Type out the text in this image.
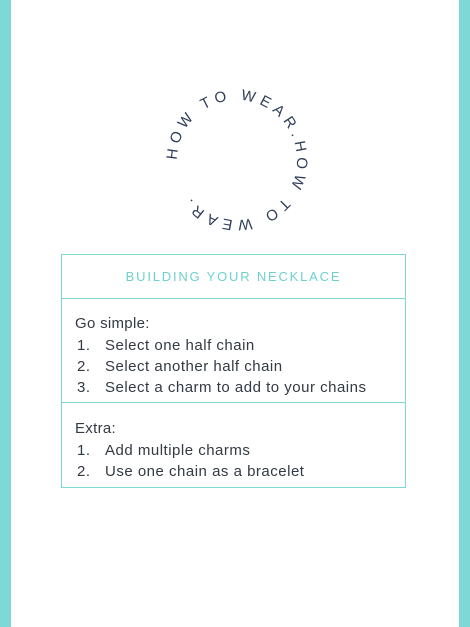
HOW TO WEAR.HOW TO WEAR.
BUILDING YOUR NECKLACE
Go simple:
1. Select one half chain
2. Select another half chain
3. Select a charm to add to your chains
Extra:
1. Add multiple charms
2. Use one chain as a bracelet
